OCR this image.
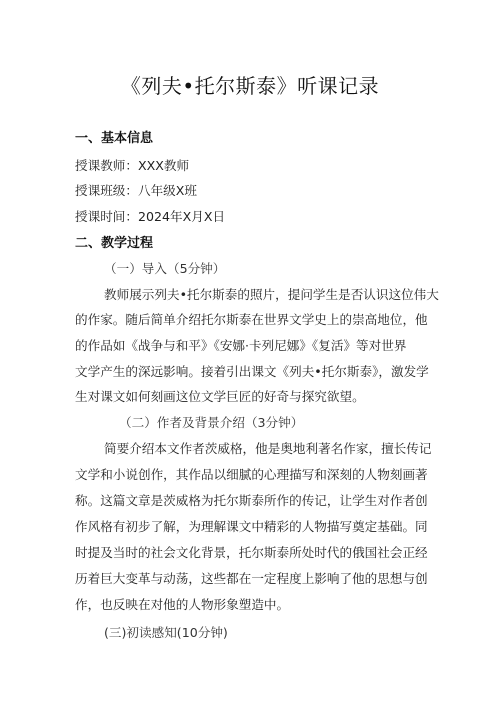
《列夫•托尔斯泰》听课记录
一、基本信息
授课教师：XXX教师
授课班级：八年级X班
授课时间：2024年X月X日
二、教学过程
（一）导入（5分钟）
教师展示列夫•托尔斯泰的照片，提问学生是否认识这位伟大
的作家。随后简单介绍托尔斯泰在世界文学史上的崇高地位，他
的作品如《战争与和平》《安娜·卡列尼娜》《复活》等对世界
文学产生的深远影响。接着引出课文《列夫•托尔斯泰》，激发学
生对课文如何刻画这位文学巨匠的好奇与探究欲望。
（二）作者及背景介绍（3分钟）
简要介绍本文作者茨威格，他是奥地利著名作家，擅长传记
文学和小说创作，其作品以细腻的心理描写和深刻的人物刻画著
称。这篇文章是茨威格为托尔斯泰所作的传记，让学生对作者创
作风格有初步了解，为理解课文中精彩的人物描写奠定基础。同
时提及当时的社会文化背景，托尔斯泰所处时代的俄国社会正经
历着巨大变革与动荡，这些都在一定程度上影响了他的思想与创
作，也反映在对他的人物形象塑造中。
(三)初读感知(10分钟)
